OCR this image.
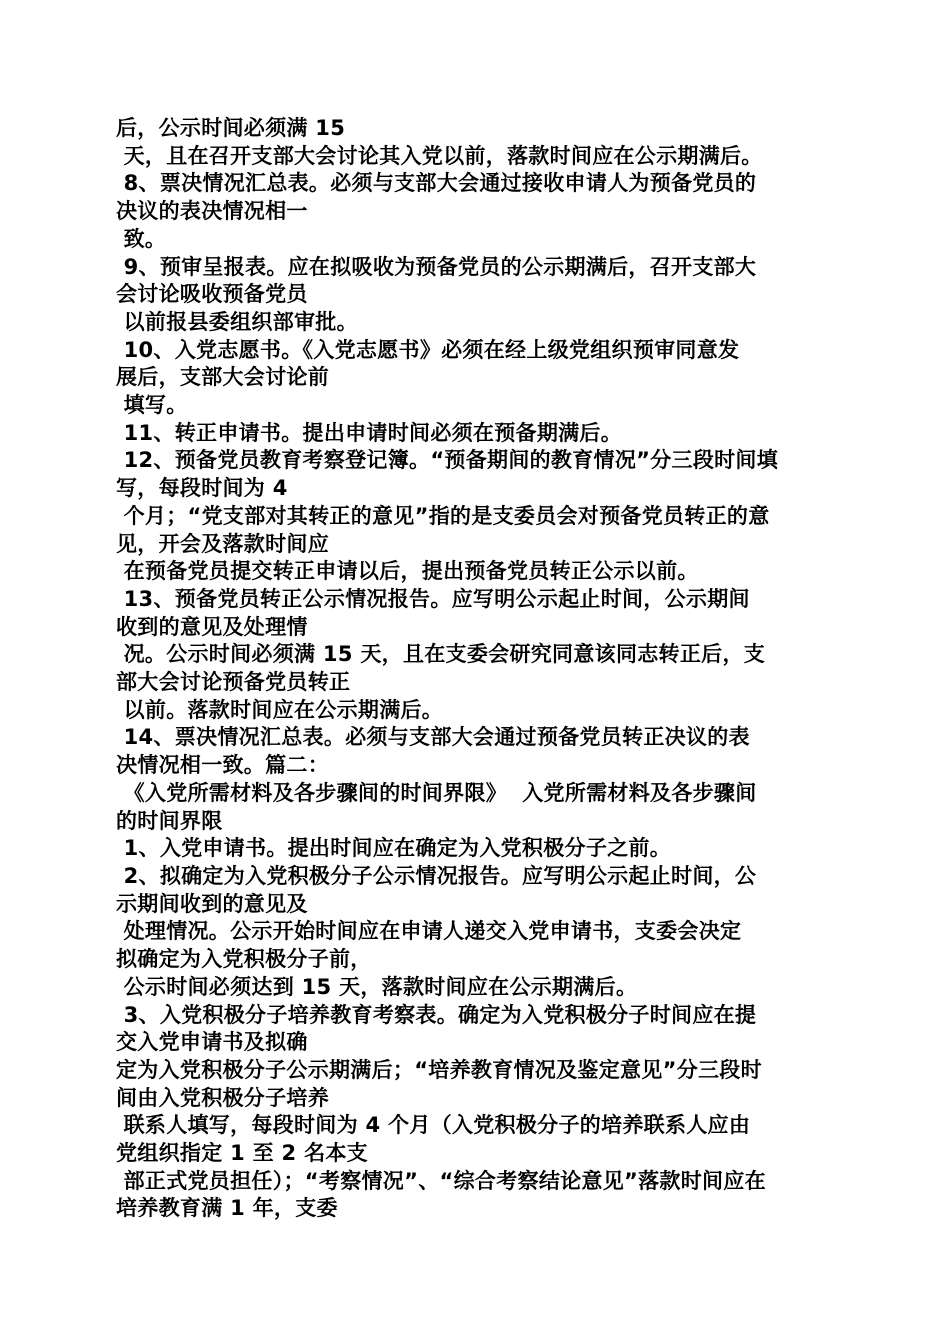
后，公示时间必须满 15
天，且在召开支部大会讨论其入党以前，落款时间应在公示期满后。
8、票决情况汇总表。必须与支部大会通过接收申请人为预备党员的
决议的表决情况相一
致。
9、预审呈报表。应在拟吸收为预备党员的公示期满后，召开支部大
会讨论吸收预备党员
以前报县委组织部审批。
10、入党志愿书。《入党志愿书》必须在经上级党组织预审同意发
展后，支部大会讨论前
填写。
11、转正申请书。提出申请时间必须在预备期满后。
12、预备党员教育考察登记簿。“预备期间的教育情况”分三段时间填
写，每段时间为 4
个月；“党支部对其转正的意见”指的是支委员会对预备党员转正的意
见，开会及落款时间应
在预备党员提交转正申请以后，提出预备党员转正公示以前。
13、预备党员转正公示情况报告。应写明公示起止时间，公示期间
收到的意见及处理情
况。公示时间必须满 15 天，且在支委会研究同意该同志转正后，支
部大会讨论预备党员转正
以前。落款时间应在公示期满后。
14、票决情况汇总表。必须与支部大会通过预备党员转正决议的表
决情况相一致。篇二：
《入党所需材料及各步骤间的时间界限》  入党所需材料及各步骤间
的时间界限
1、入党申请书。提出时间应在确定为入党积极分子之前。
2、拟确定为入党积极分子公示情况报告。应写明公示起止时间，公
示期间收到的意见及
处理情况。公示开始时间应在申请人递交入党申请书，支委会决定
拟确定为入党积极分子前，
公示时间必须达到 15 天，落款时间应在公示期满后。
3、入党积极分子培养教育考察表。确定为入党积极分子时间应在提
交入党申请书及拟确
定为入党积极分子公示期满后；“培养教育情况及鉴定意见”分三段时
间由入党积极分子培养
联系人填写，每段时间为 4 个月（入党积极分子的培养联系人应由
党组织指定 1 至 2 名本支
部正式党员担任）；“考察情况”、“综合考察结论意见”落款时间应在
培养教育满 1 年，支委
